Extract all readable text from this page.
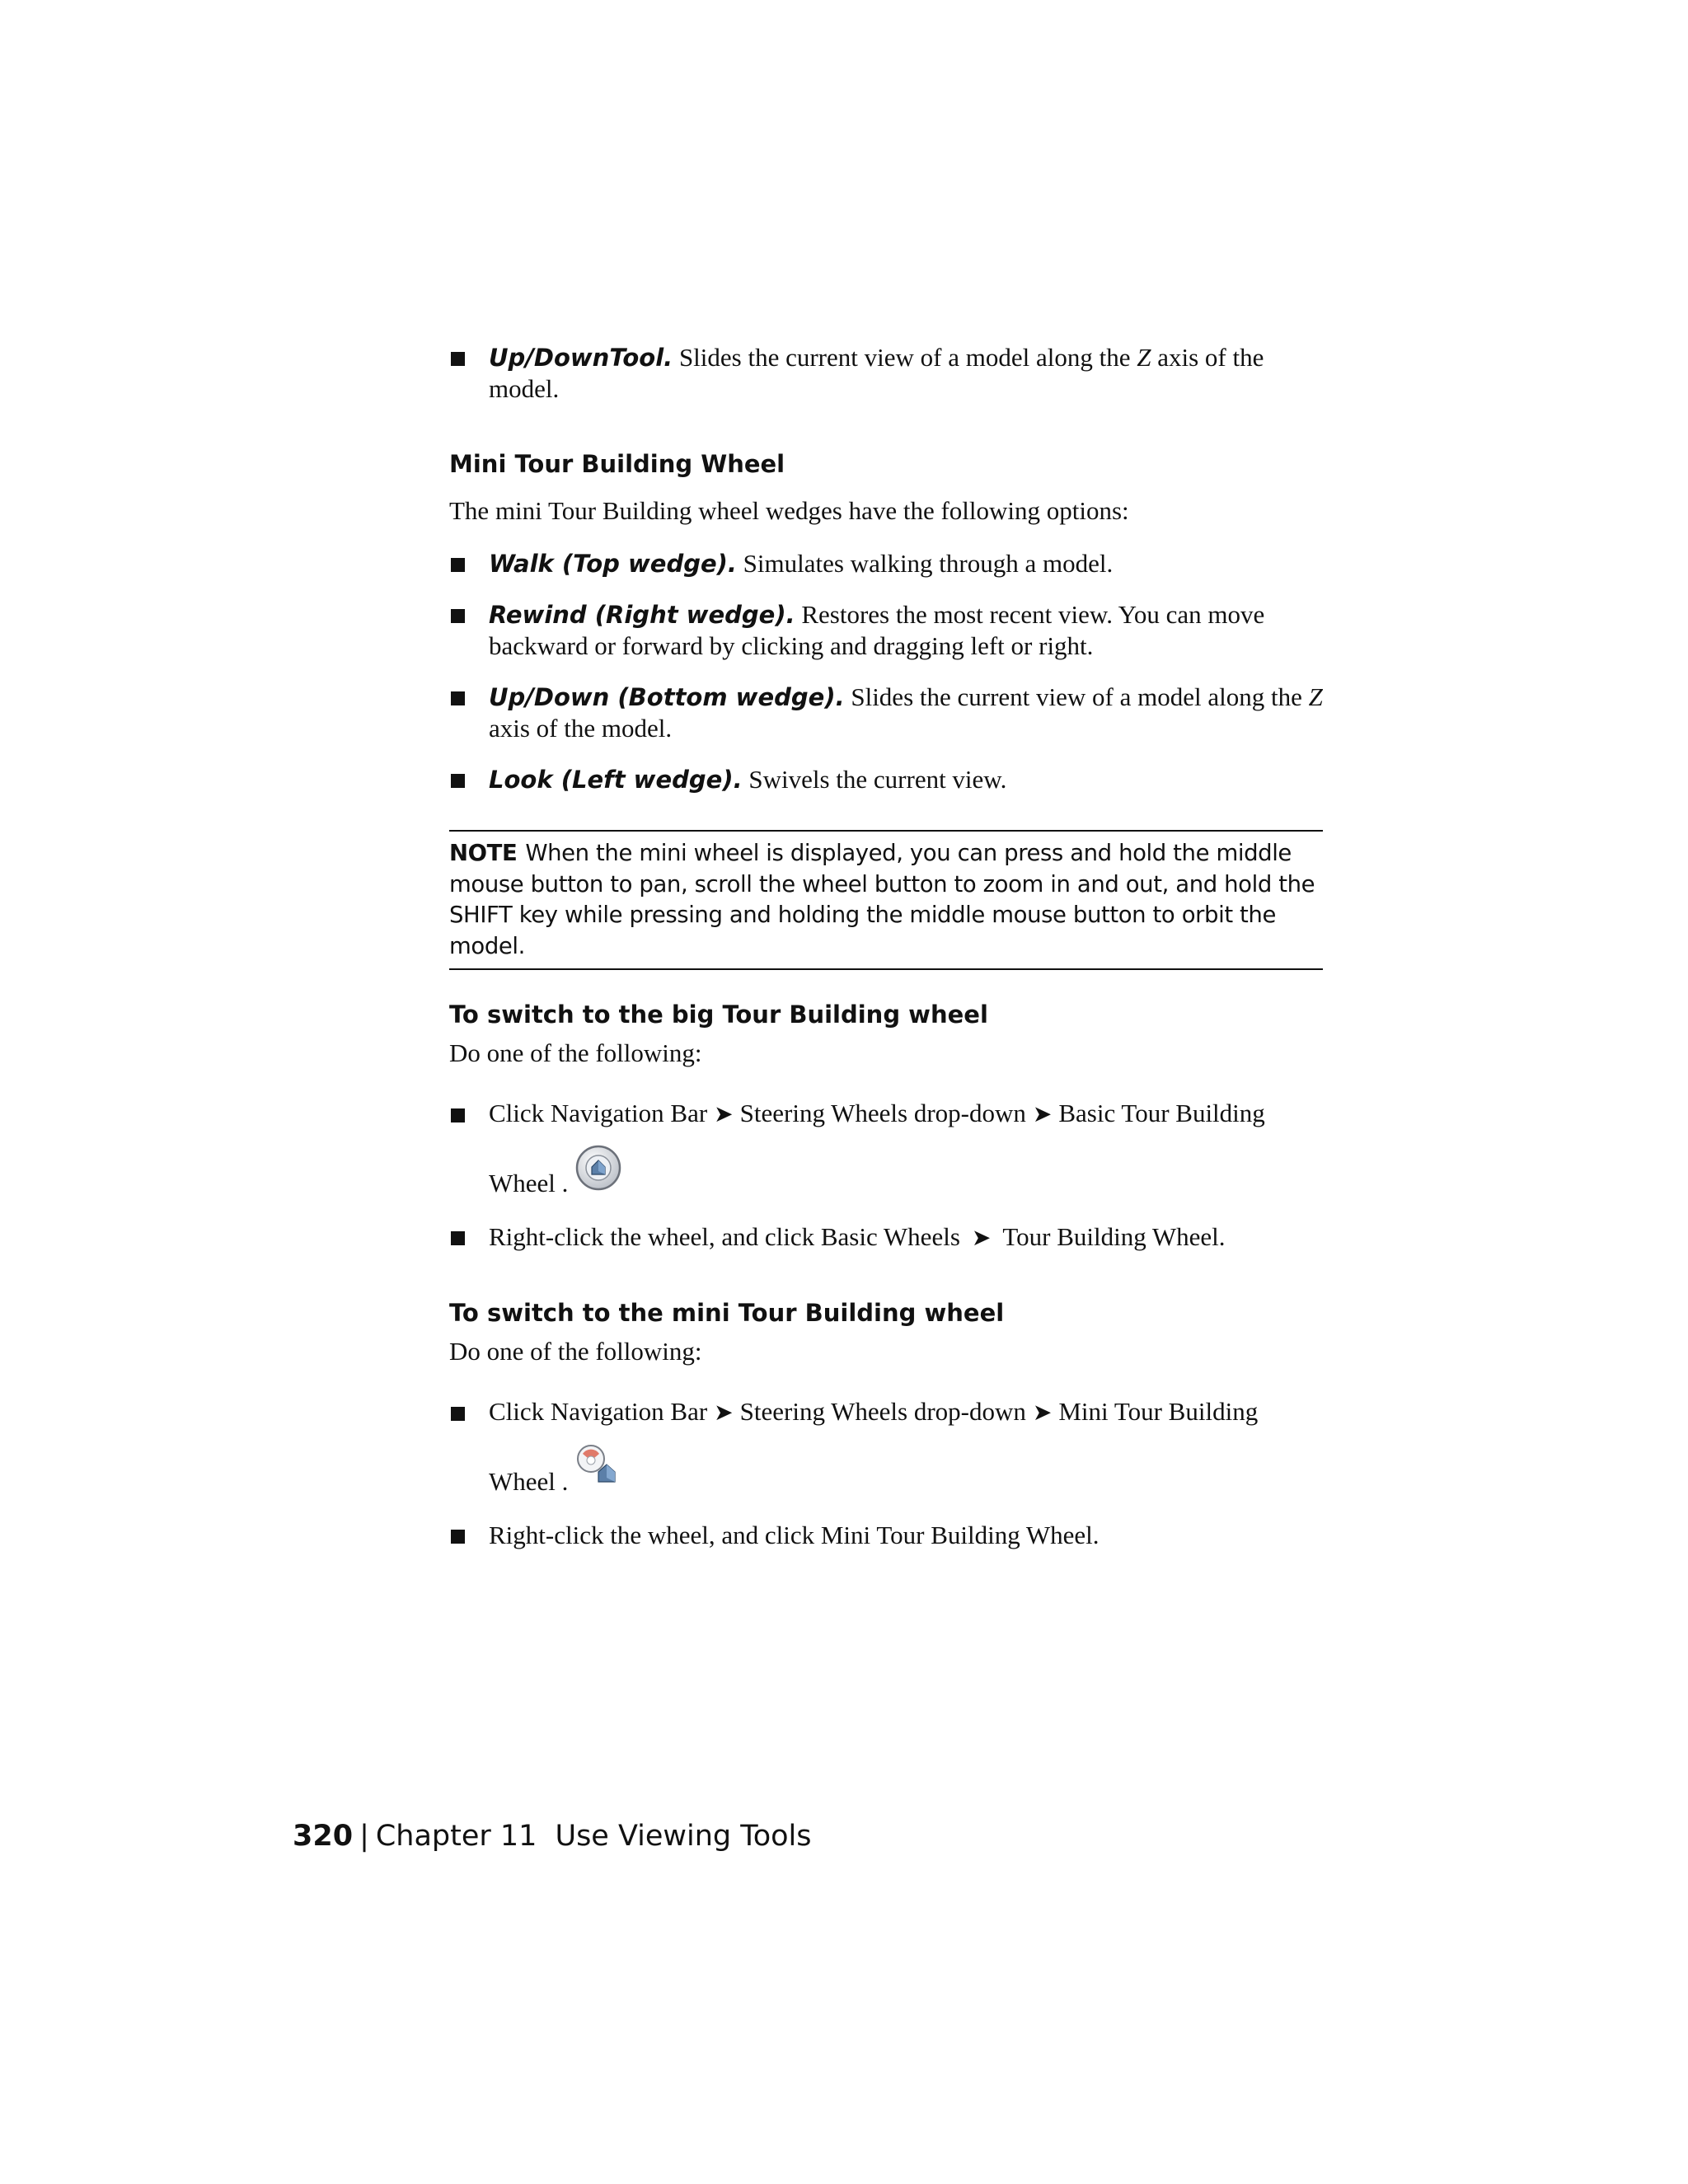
Up/DownTool. Slides the current view of a model along the Z axis of the model.

Mini Tour Building Wheel

The mini Tour Building wheel wedges have the following options:

Walk (Top wedge). Simulates walking through a model.

Rewind (Right wedge). Restores the most recent view. You can move backward or forward by clicking and dragging left or right.

Up/Down (Bottom wedge). Slides the current view of a model along the Z axis of the model.

Look (Left wedge). Swivels the current view.

NOTE When the mini wheel is displayed, you can press and hold the middle mouse button to pan, scroll the wheel button to zoom in and out, and hold the SHIFT key while pressing and holding the middle mouse button to orbit the model.
To switch to the big Tour Building wheel

Do one of the following:

Click Navigation Bar ➤ Steering Wheels drop-down ➤ Basic Tour Building Wheel .

Right-click the wheel, and click Basic Wheels ➤ Tour Building Wheel.

To switch to the mini Tour Building wheel

Do one of the following:

Click Navigation Bar ➤ Steering Wheels drop-down ➤ Mini Tour Building Wheel .

Right-click the wheel, and click Mini Tour Building Wheel.

320 | Chapter 11 Use Viewing Tools
